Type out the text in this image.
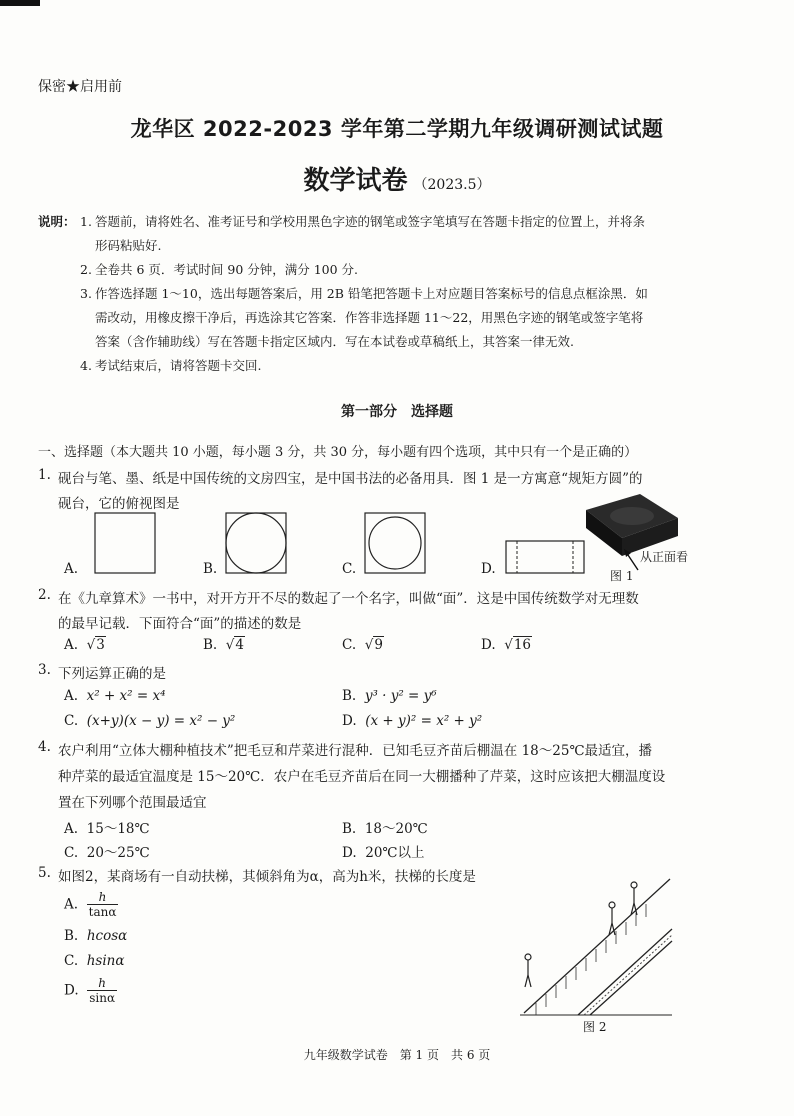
保密★启用前
龙华区 2022-2023 学年第二学期九年级调研测试试题
数学试卷 （2023.5）
说明： 1. 答题前，请将姓名、准考证号和学校用黑色字迹的钢笔或签字笔填写在答题卡指定的位置上，并将条
形码粘贴好.
2. 全卷共 6 页．考试时间 90 分钟，满分 100 分.
3. 作答选择题 1～10，选出每题答案后，用 2B 铅笔把答题卡上对应题目答案标号的信息点框涂黑．如
需改动，用橡皮擦干净后，再选涂其它答案．作答非选择题 11～22，用黑色字迹的钢笔或签字笔将
答案（含作辅助线）写在答题卡指定区域内．写在本试卷或草稿纸上，其答案一律无效.
4. 考试结束后，请将答题卡交回.
第一部分　选择题
一、选择题（本大题共 10 小题，每小题 3 分，共 30 分，每小题有四个选项，其中只有一个是正确的）
1. 砚台与笔、墨、纸是中国传统的文房四宝，是中国书法的必备用具．图 1 是一方寓意“规矩方圆”的
砚台，它的俯视图是
A.	B.	C.	D.
从正面看
图 1
2. 在《九章算术》一书中，对开方开不尽的数起了一个名字，叫做“面”．这是中国传统数学对无理数
的最早记载．下面符合“面”的描述的数是
A.  √3	B.  √4	C.  √9	D.  √16
3. 下列运算正确的是
A. x² + x² = x⁴	B. y³ · y² = y⁶
C. (x+y)(x − y) = x² − y²	D. (x + y)² = x² + y²
4. 农户利用“立体大棚种植技术”把毛豆和芹菜进行混种．已知毛豆齐苗后棚温在 18～25℃最适宜，播
种芹菜的最适宜温度是 15～20℃．农户在毛豆齐苗后在同一大棚播种了芹菜，这时应该把大棚温度设
置在下列哪个范围最适宜
A. 15～18℃	B. 18～20℃
C. 20～25℃	D. 20℃以上
5. 如图2，某商场有一自动扶梯，其倾斜角为α，高为h米，扶梯的长度是
A. $\frac{h}{\tan\alpha}$
B. hcosα
C. hsinα
D. $\frac{h}{\sin\alpha}$
图 2
九年级数学试卷　第 1 页　共 6 页
